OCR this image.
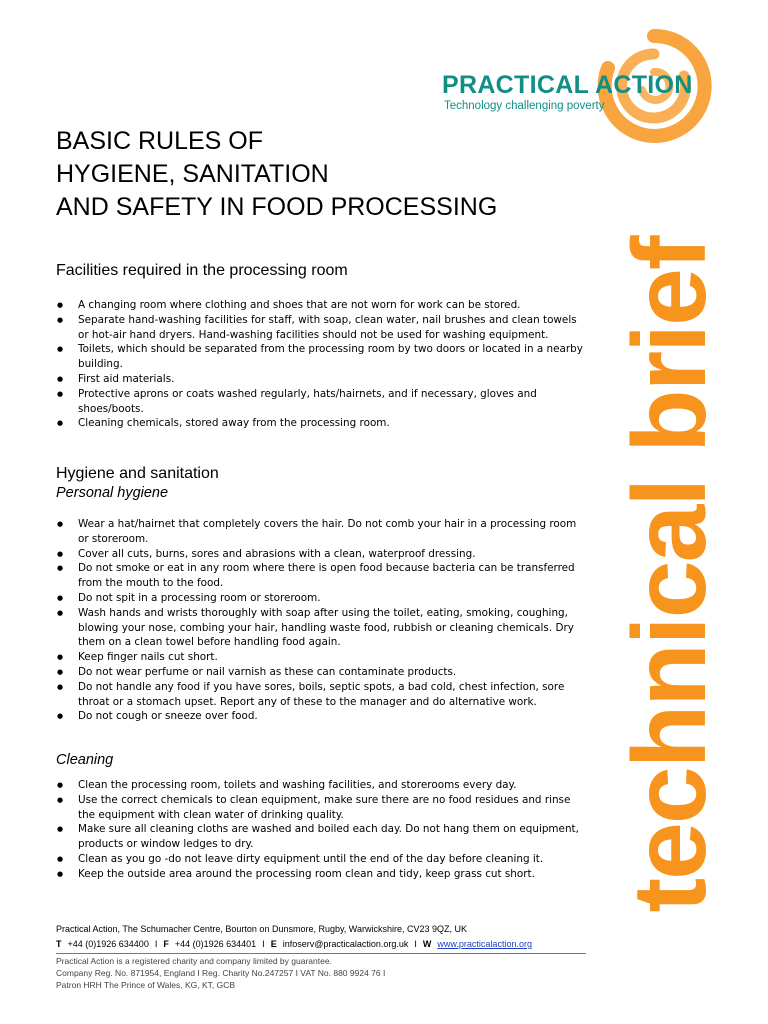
PRACTICAL ACTION
Technology challenging poverty
technical brief
BASIC RULES OF
HYGIENE, SANITATION
AND SAFETY IN FOOD PROCESSING
Facilities required in the processing room
● A changing room where clothing and shoes that are not worn for work can be stored.
● Separate hand-washing facilities for staff, with soap, clean water, nail brushes and clean towels or hot-air hand dryers. Hand-washing facilities should not be used for washing equipment.
● Toilets, which should be separated from the processing room by two doors or located in a nearby building.
● First aid materials.
● Protective aprons or coats washed regularly, hats/hairnets, and if necessary, gloves and shoes/boots.
● Cleaning chemicals, stored away from the processing room.
Hygiene and sanitation
Personal hygiene
● Wear a hat/hairnet that completely covers the hair. Do not comb your hair in a processing room or storeroom.
● Cover all cuts, burns, sores and abrasions with a clean, waterproof dressing.
● Do not smoke or eat in any room where there is open food because bacteria can be transferred from the mouth to the food.
● Do not spit in a processing room or storeroom.
● Wash hands and wrists thoroughly with soap after using the toilet, eating, smoking, coughing, blowing your nose, combing your hair, handling waste food, rubbish or cleaning chemicals. Dry them on a clean towel before handling food again.
● Keep finger nails cut short.
● Do not wear perfume or nail varnish as these can contaminate products.
● Do not handle any food if you have sores, boils, septic spots, a bad cold, chest infection, sore throat or a stomach upset. Report any of these to the manager and do alternative work.
● Do not cough or sneeze over food.
Cleaning
● Clean the processing room, toilets and washing facilities, and storerooms every day.
● Use the correct chemicals to clean equipment, make sure there are no food residues and rinse the equipment with clean water of drinking quality.
● Make sure all cleaning cloths are washed and boiled each day. Do not hang them on equipment, products or window ledges to dry.
● Clean as you go -do not leave dirty equipment until the end of the day before cleaning it.
● Keep the outside area around the processing room clean and tidy, keep grass cut short.
Practical Action, The Schumacher Centre, Bourton on Dunsmore, Rugby, Warwickshire, CV23 9QZ, UK
T +44 (0)1926 634400 I F +44 (0)1926 634401 I E infoserv@practicalaction.org.uk I W www.practicalaction.org
Practical Action is a registered charity and company limited by guarantee.
Company Reg. No. 871954, England I Reg. Charity No.247257 I VAT No. 880 9924 76 I
Patron HRH The Prince of Wales, KG, KT, GCB
